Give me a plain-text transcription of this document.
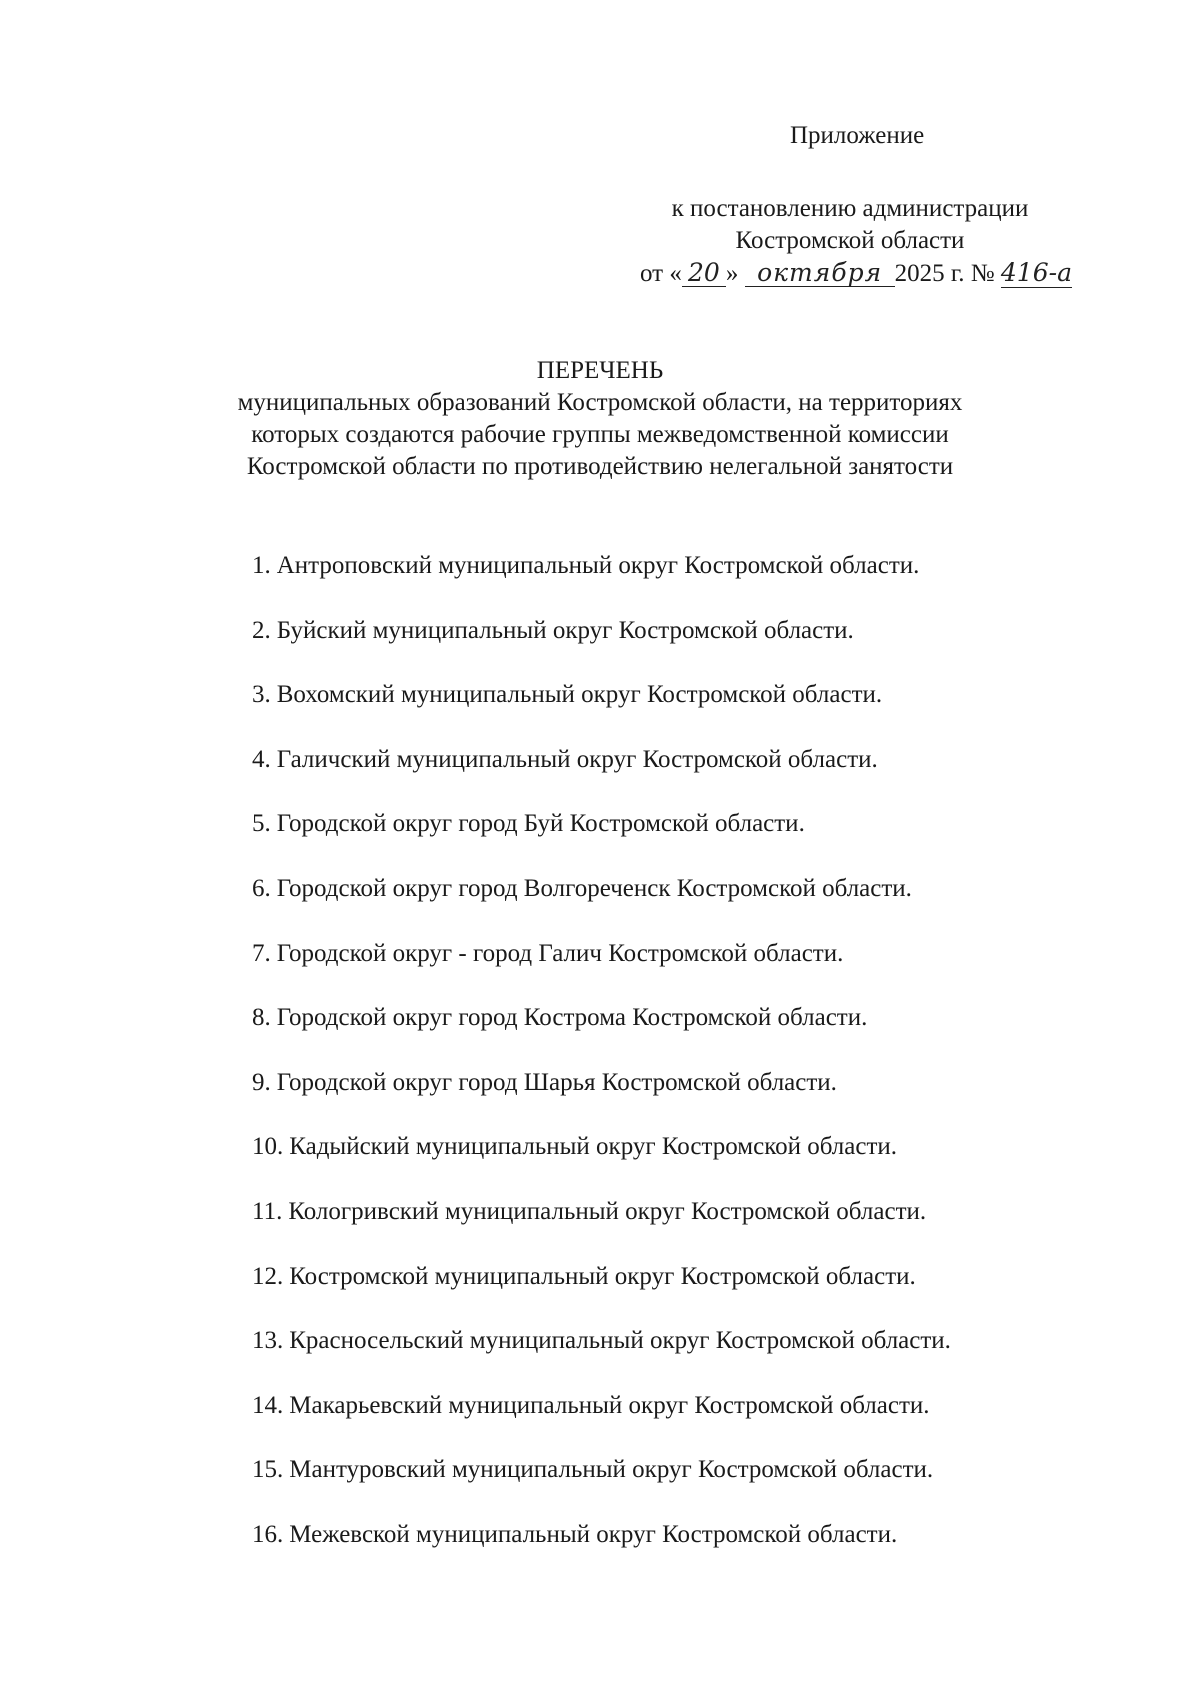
Приложение
к постановлению администрации
Костромской области
от « 20 » октября 2025 г. № 416-а
ПЕРЕЧЕНЬ
муниципальных образований Костромской области, на территориях
которых создаются рабочие группы межведомственной комиссии
Костромской области по противодействию нелегальной занятости
1. Антроповский муниципальный округ Костромской области.
2. Буйский муниципальный округ Костромской области.
3. Вохомский муниципальный округ Костромской области.
4. Галичский муниципальный округ Костромской области.
5. Городской округ город Буй Костромской области.
6. Городской округ город Волгореченск Костромской области.
7. Городской округ - город Галич Костромской области.
8. Городской округ город Кострома Костромской области.
9. Городской округ город Шарья Костромской области.
10. Кадыйский муниципальный округ Костромской области.
11. Кологривский муниципальный округ Костромской области.
12. Костромской муниципальный округ Костромской области.
13. Красносельский муниципальный округ Костромской области.
14. Макарьевский муниципальный округ Костромской области.
15. Мантуровский муниципальный округ Костромской области.
16. Межевской муниципальный округ Костромской области.
